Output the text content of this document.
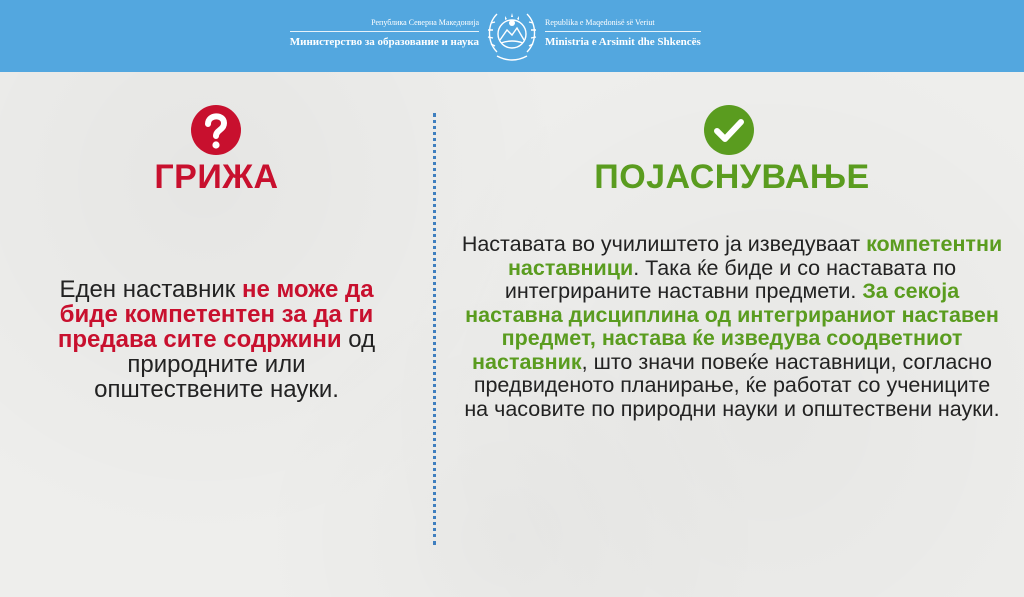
Република Северна Македонија
Министерство за образование и наука
Republika e Maqedonisë së Veriut
Ministria e Arsimit dhe Shkencës
ГРИЖА
Еден наставник не може да биде компетентен за да ги предава сите содржини од природните или општествените науки.
ПОЈАСНУВАЊЕ
Наставата во училиштето ја изведуваат компетентни наставници. Така ќе биде и со наставата по интегрираните наставни предмети. За секоја наставна дисциплина од интегрираниот наставен предмет, настава ќе изведува соодветниот наставник, што значи повеќе наставници, согласно предвиденото планирање, ќе работат со учениците на часовите по природни науки и општествени науки.
